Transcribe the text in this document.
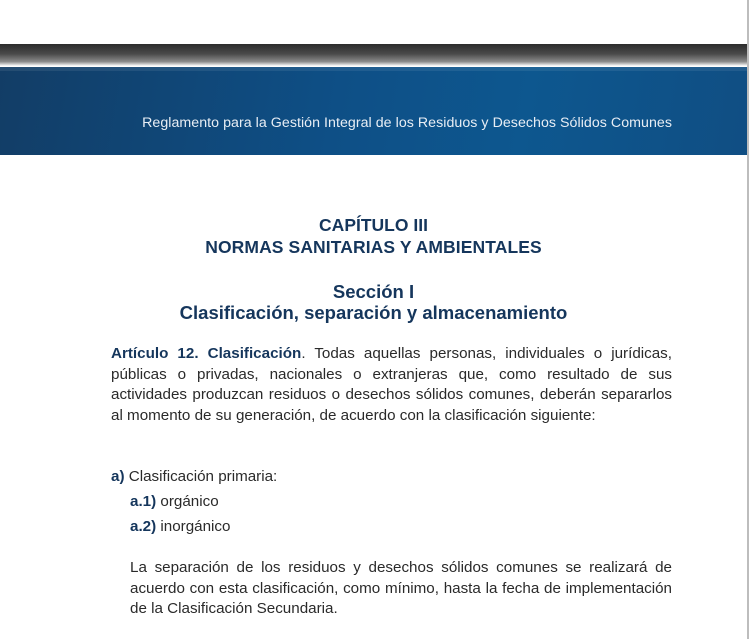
Reglamento para la Gestión Integral de los Residuos y Desechos Sólidos Comunes
CAPÍTULO III
NORMAS SANITARIAS Y AMBIENTALES
Sección I
Clasificación, separación y almacenamiento
Artículo 12. Clasificación. Todas aquellas personas, individuales o jurídicas, públicas o privadas, nacionales o extranjeras que, como resultado de sus actividades produzcan residuos o desechos sólidos comunes, deberán separarlos al momento de su generación, de acuerdo con la clasificación siguiente:
a) Clasificación primaria:
a.1) orgánico
a.2) inorgánico
La separación de los residuos y desechos sólidos comunes se realizará de acuerdo con esta clasificación, como mínimo, hasta la fecha de implementación de la Clasificación Secundaria.
